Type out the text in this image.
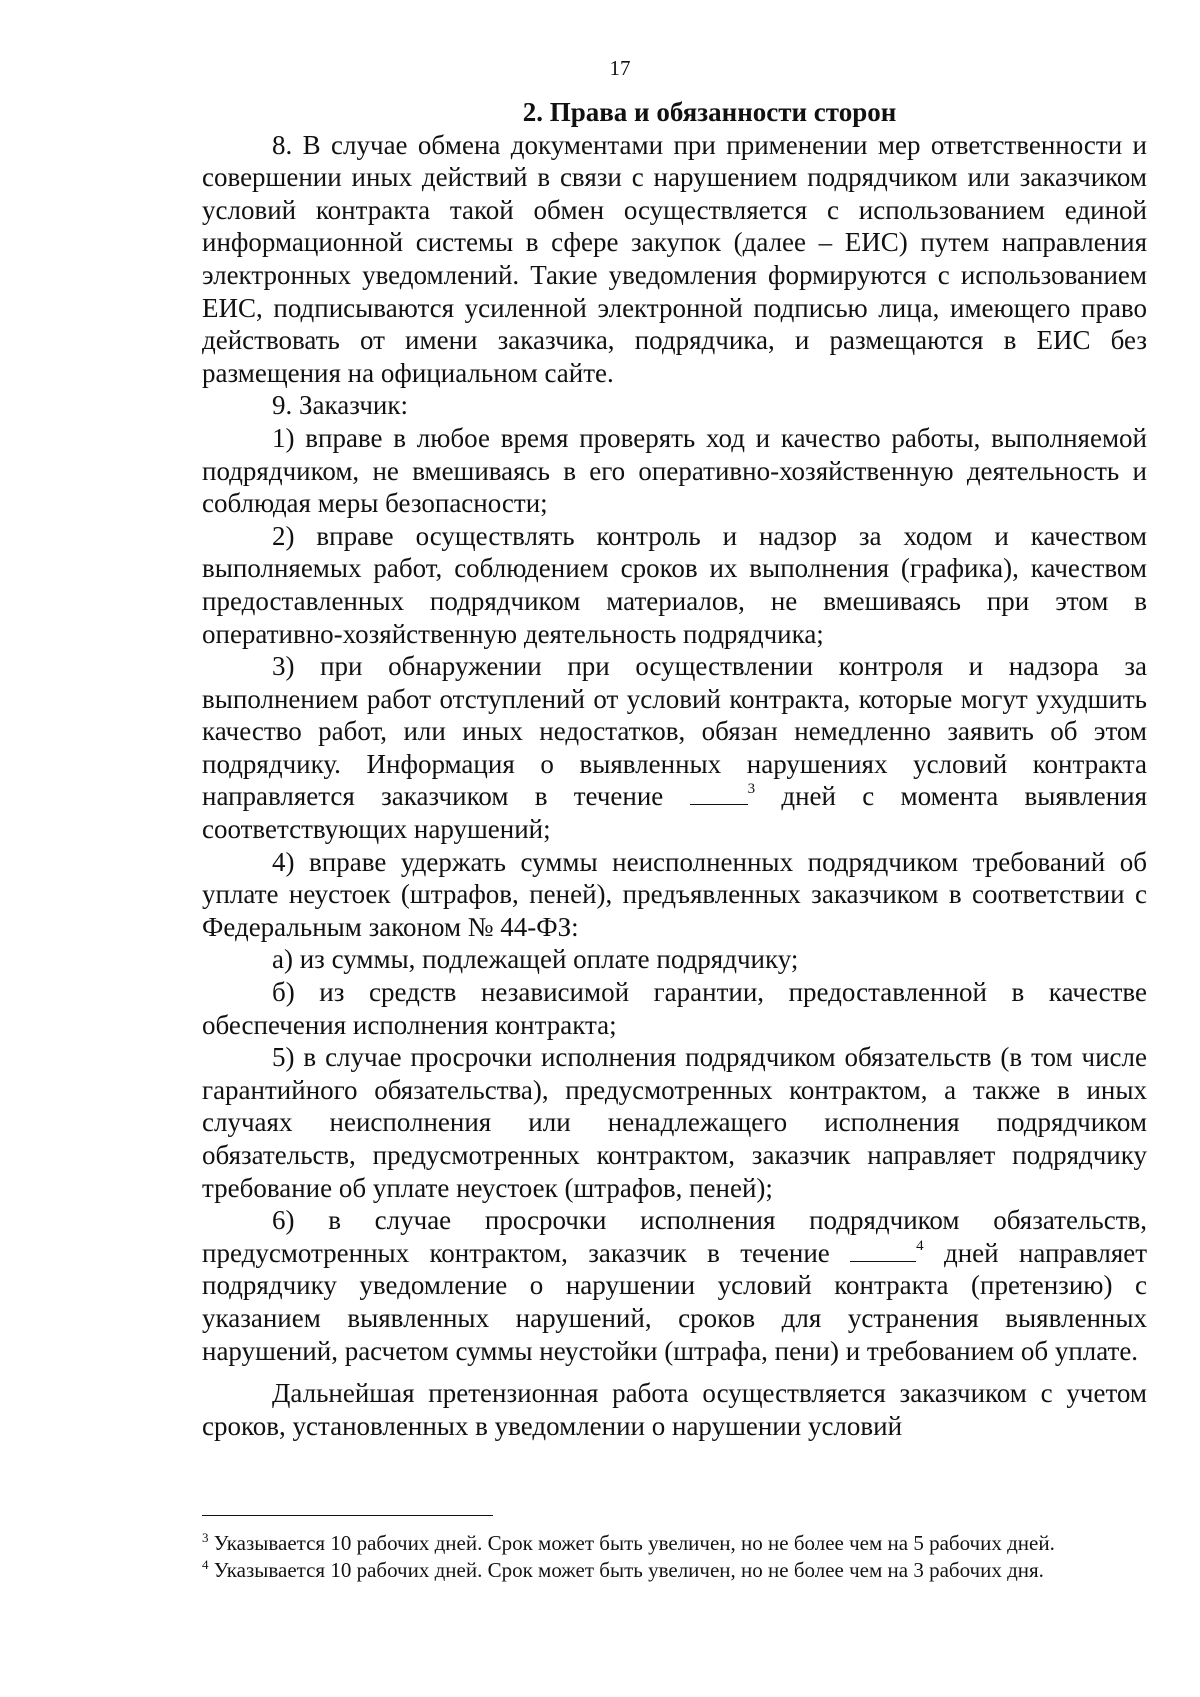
17
2. Права и обязанности сторон

8. В случае обмена документами при применении мер ответственности и совершении иных действий в связи с нарушением подрядчиком или заказчиком условий контракта такой обмен осуществляется с использованием единой информационной системы в сфере закупок (далее – ЕИС) путем направления электронных уведомлений. Такие уведомления формируются с использованием ЕИС, подписываются усиленной электронной подписью лица, имеющего право действовать от имени заказчика, подрядчика, и размещаются в ЕИС без размещения на официальном сайте.

9. Заказчик:

1) вправе в любое время проверять ход и качество работы, выполняемой подрядчиком, не вмешиваясь в его оперативно-хозяйственную деятельность и соблюдая меры безопасности;

2) вправе осуществлять контроль и надзор за ходом и качеством выполняемых работ, соблюдением сроков их выполнения (графика), качеством предоставленных подрядчиком материалов, не вмешиваясь при этом в оперативно-хозяйственную деятельность подрядчика;

3) при обнаружении при осуществлении контроля и надзора за выполнением работ отступлений от условий контракта, которые могут ухудшить качество работ, или иных недостатков, обязан немедленно заявить об этом подрядчику. Информация о выявленных нарушениях условий контракта направляется заказчиком в течение	$^3$ дней с момента выявления соответствующих нарушений;

4) вправе удержать суммы неисполненных подрядчиком требований об уплате неустоек (штрафов, пеней), предъявленных заказчиком в соответствии с Федеральным законом № 44-ФЗ:

а) из суммы, подлежащей оплате подрядчику;

б) из средств независимой гарантии, предоставленной в качестве обеспечения исполнения контракта;

5) в случае просрочки исполнения подрядчиком обязательств (в том числе гарантийного обязательства), предусмотренных контрактом, а также в иных случаях неисполнения или ненадлежащего исполнения подрядчиком обязательств, предусмотренных контрактом, заказчик направляет подрядчику требование об уплате неустоек (штрафов, пеней);

6) в случае просрочки исполнения подрядчиком обязательств, предусмотренных контрактом, заказчик в течение	$^4$ дней направляет подрядчику уведомление о нарушении условий контракта (претензию) с указанием выявленных нарушений, сроков для устранения выявленных нарушений, расчетом суммы неустойки (штрафа, пени) и требованием об уплате.

Дальнейшая претензионная работа осуществляется заказчиком с учетом сроков, установленных в уведомлении о нарушении условий

$^3$ Указывается 10 рабочих дней. Срок может быть увеличен, но не более чем на 5 рабочих дней.
$^4$ Указывается 10 рабочих дней. Срок может быть увеличен, но не более чем на 3 рабочих дня.
